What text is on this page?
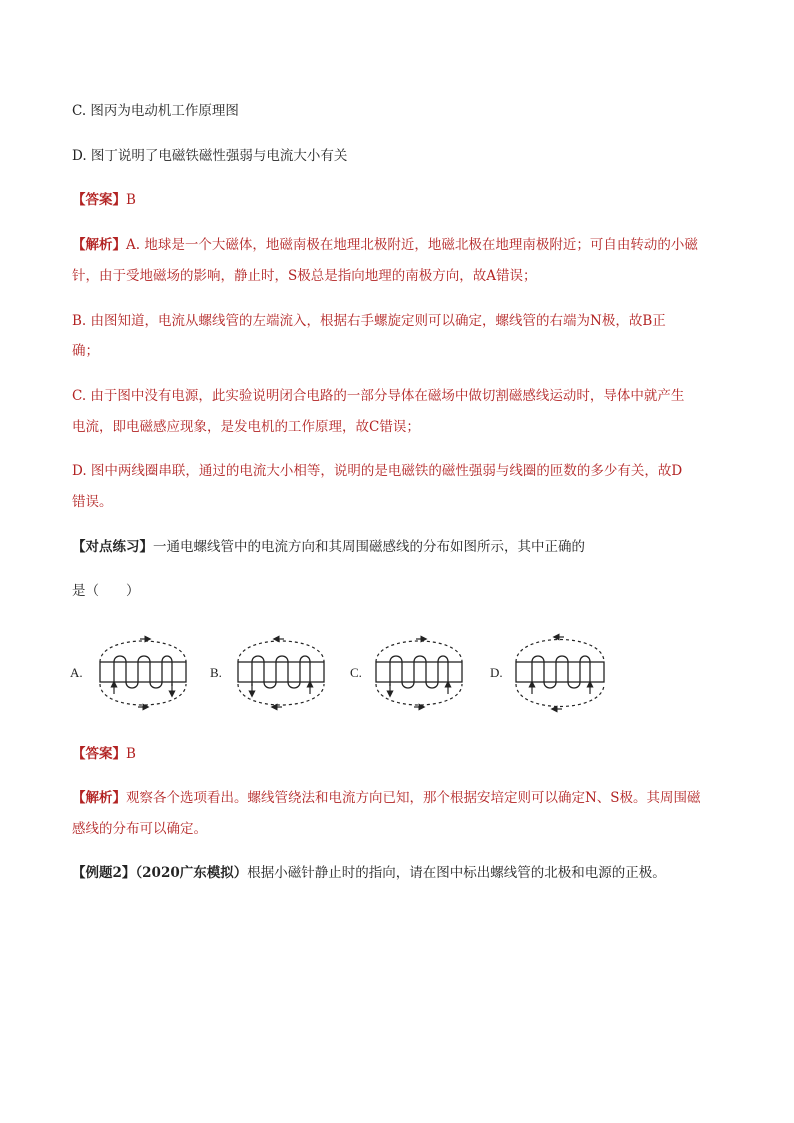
C. 图丙为电动机工作原理图
D. 图丁说明了电磁铁磁性强弱与电流大小有关
【答案】B
【解析】A. 地球是一个大磁体，地磁南极在地理北极附近，地磁北极在地理南极附近；可自由转动的小磁
针，由于受地磁场的影响，静止时，S极总是指向地理的南极方向，故A错误；
B. 由图知道，电流从螺线管的左端流入，根据右手螺旋定则可以确定，螺线管的右端为N极，故B正
确；
C. 由于图中没有电源，此实验说明闭合电路的一部分导体在磁场中做切割磁感线运动时，导体中就产生
电流，即电磁感应现象，是发电机的工作原理，故C错误；
D. 图中两线圈串联，通过的电流大小相等，说明的是电磁铁的磁性强弱与线圈的匝数的多少有关，故D
错误。
【对点练习】一通电螺线管中的电流方向和其周围磁感线的分布如图所示，其中正确的
是（　　）
A.	B.	C.	D.
【答案】B
【解析】观察各个选项看出。螺线管绕法和电流方向已知，那个根据安培定则可以确定N、S极。其周围磁
感线的分布可以确定。
【例题2】（2020广东模拟）根据小磁针静止时的指向，请在图中标出螺线管的北极和电源的正极。
